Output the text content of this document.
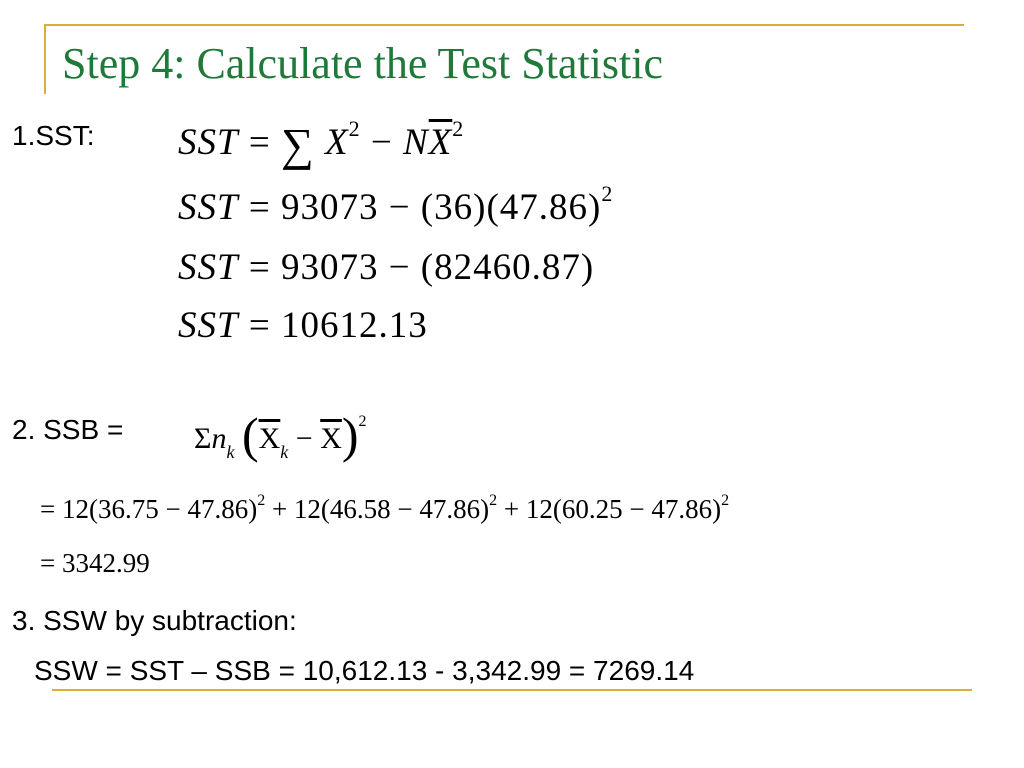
Step 4: Calculate the Test Statistic
1.SST: SST = ∑ $X^2 - N\overline{X}^2$
SST = $93073 - (36)(47.86)^2$
SST = 93073 − (82460.87)
SST = 10612.13
2. SSB = $\Sigma n_k$ $(\overline{X}_k - \overline{X})^2$
= $12(36.75 - 47.86)^2 + 12(46.58 - 47.86)^2 + 12(60.25 - 47.86)^2$
= 3342.99
3. SSW by subtraction:
SSW = SST – SSB = 10,612.13 - 3,342.99 = 7269.14
